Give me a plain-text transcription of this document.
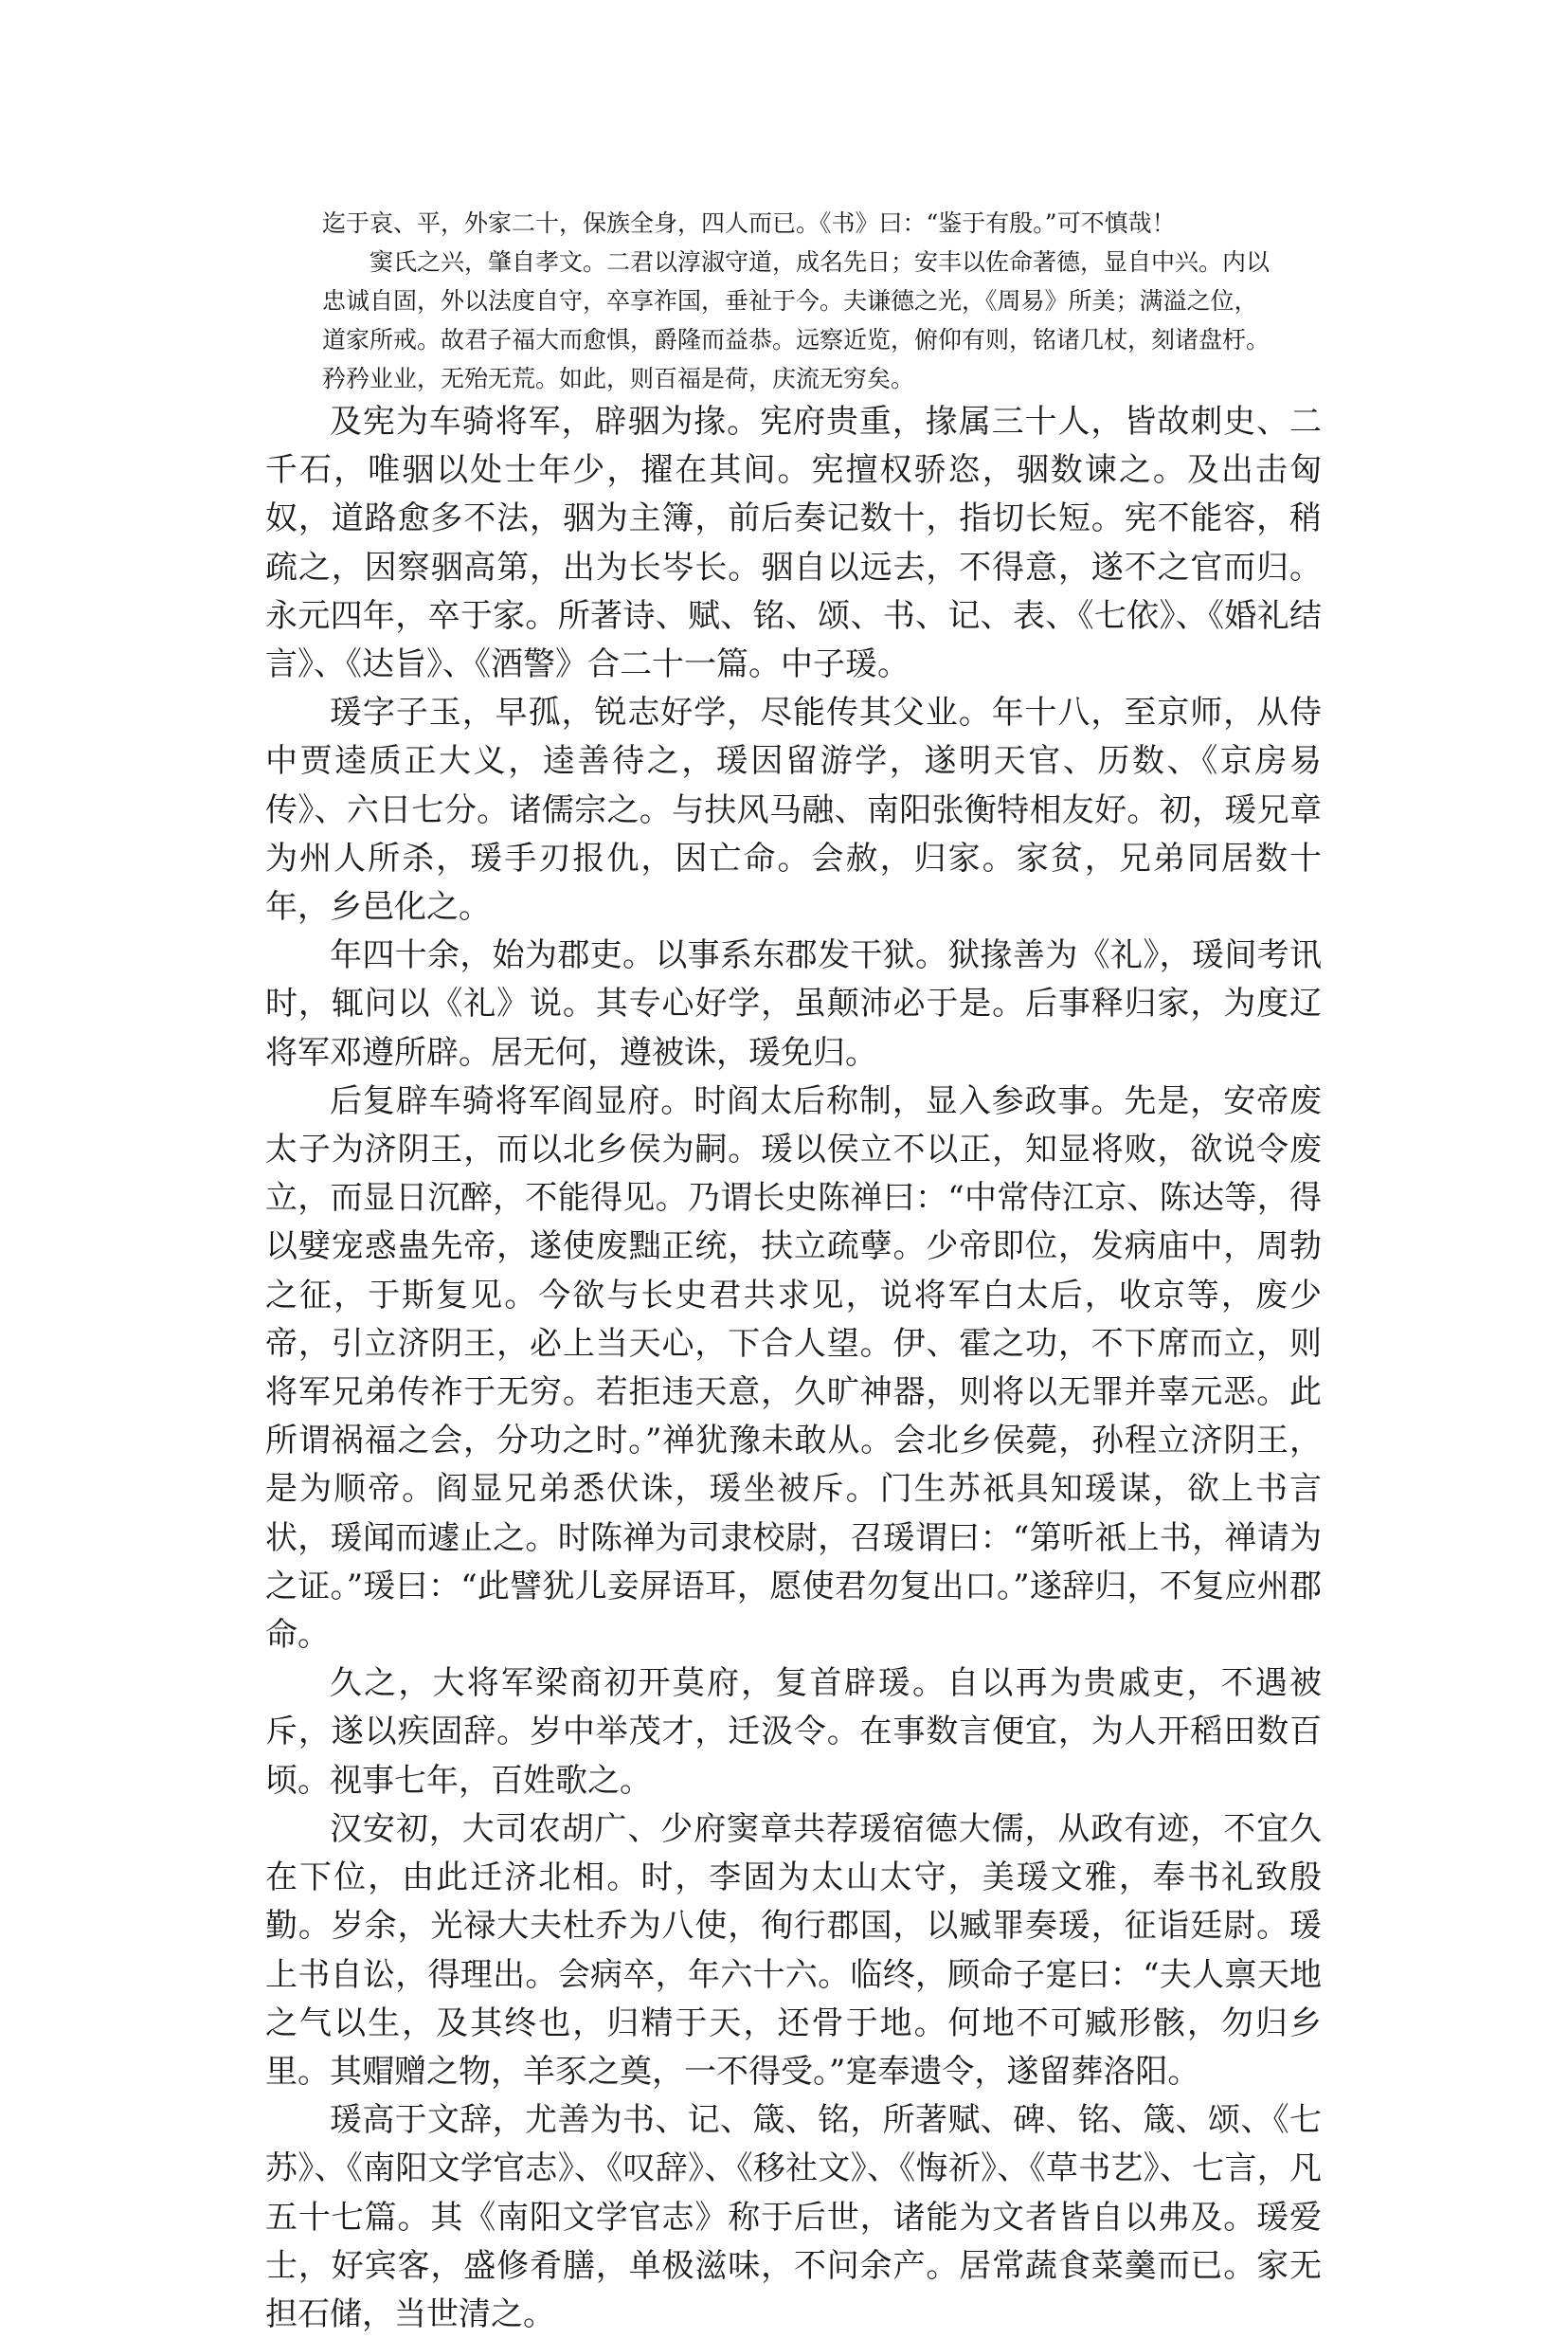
迄于哀、平，外家二十，保族全身，四人而已。《书》曰：“鉴于有殷。”可不慎哉！

窦氏之兴，肇自孝文。二君以淳淑守道，成名先日；安丰以佐命著德，显自中兴。内以忠诚自固，外以法度自守，卒享祚国，垂祉于今。夫谦德之光，《周易》所美；满溢之位，道家所戒。故君子福大而愈惧，爵隆而益恭。远察近览，俯仰有则，铭诸几杖，刻诸盘杅。矜矜业业，无殆无荒。如此，则百福是荷，庆流无穷矣。

及宪为车骑将军，辟骃为掾。宪府贵重，掾属三十人，皆故刺史、二千石，唯骃以处士年少，擢在其间。宪擅权骄恣，骃数谏之。及出击匈奴，道路愈多不法，骃为主簿，前后奏记数十，指切长短。宪不能容，稍疏之，因察骃高第，出为长岑长。骃自以远去，不得意，遂不之官而归。永元四年，卒于家。所著诗、赋、铭、颂、书、记、表、《七依》、《婚礼结言》、《达旨》、《酒警》合二十一篇。中子瑗。

瑗字子玉，早孤，锐志好学，尽能传其父业。年十八，至京师，从侍中贾逵质正大义，逵善待之，瑗因留游学，遂明天官、历数、《京房易传》、六日七分。诸儒宗之。与扶风马融、南阳张衡特相友好。初，瑗兄章为州人所杀，瑗手刃报仇，因亡命。会赦，归家。家贫，兄弟同居数十年，乡邑化之。

年四十余，始为郡吏。以事系东郡发干狱。狱掾善为《礼》，瑗间考讯时，辄问以《礼》说。其专心好学，虽颠沛必于是。后事释归家，为度辽将军邓遵所辟。居无何，遵被诛，瑗免归。

后复辟车骑将军阎显府。时阎太后称制，显入参政事。先是，安帝废太子为济阴王，而以北乡侯为嗣。瑗以侯立不以正，知显将败，欲说令废立，而显日沉醉，不能得见。乃谓长史陈禅曰：“中常侍江京、陈达等，得以嬖宠惑蛊先帝，遂使废黜正统，扶立疏孽。少帝即位，发病庙中，周勃之征，于斯复见。今欲与长史君共求见，说将军白太后，收京等，废少帝，引立济阴王，必上当天心，下合人望。伊、霍之功，不下席而立，则将军兄弟传祚于无穷。若拒违天意，久旷神器，则将以无罪并辜元恶。此所谓祸福之会，分功之时。”禅犹豫未敢从。会北乡侯薨，孙程立济阴王，是为顺帝。阎显兄弟悉伏诛，瑗坐被斥。门生苏祇具知瑗谋，欲上书言状，瑗闻而遽止之。时陈禅为司隶校尉，召瑗谓曰：“第听祇上书，禅请为之证。”瑗曰：“此譬犹儿妾屏语耳，愿使君勿复出口。”遂辞归，不复应州郡命。

久之，大将军梁商初开莫府，复首辟瑗。自以再为贵戚吏，不遇被斥，遂以疾固辞。岁中举茂才，迁汲令。在事数言便宜，为人开稻田数百顷。视事七年，百姓歌之。

汉安初，大司农胡广、少府窦章共荐瑗宿德大儒，从政有迹，不宜久在下位，由此迁济北相。时，李固为太山太守，美瑗文雅，奉书礼致殷勤。岁余，光禄大夫杜乔为八使，徇行郡国，以臧罪奏瑗，征诣廷尉。瑗上书自讼，得理出。会病卒，年六十六。临终，顾命子寔曰：“夫人禀天地之气以生，及其终也，归精于天，还骨于地。何地不可臧形骸，勿归乡里。其赗赠之物，羊豕之奠，一不得受。”寔奉遗令，遂留葬洛阳。

瑗高于文辞，尤善为书、记、箴、铭，所著赋、碑、铭、箴、颂、《七苏》、《南阳文学官志》、《叹辞》、《移社文》、《悔祈》、《草书艺》、七言，凡五十七篇。其《南阳文学官志》称于后世，诸能为文者皆自以弗及。瑗爱士，好宾客，盛修肴膳，单极滋味，不问余产。居常蔬食菜羹而已。家无担石储，当世清之。
